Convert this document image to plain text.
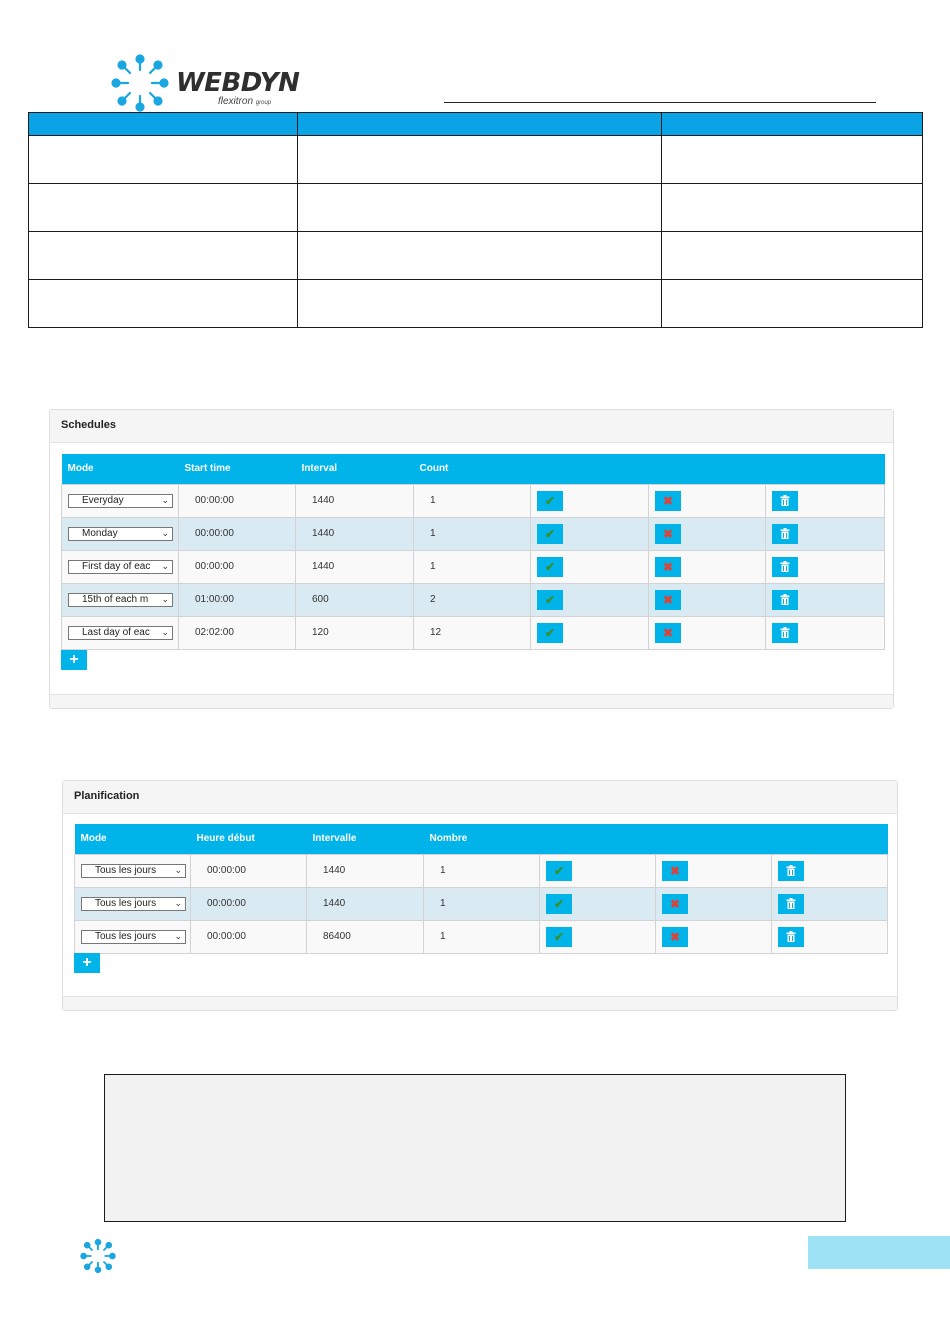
WEBDYN
flexitron group

Schedules
Mode	Start time	Interval	Count			

Everyday ⌄	00:00:00	1440	1	✔	✖

Monday ⌄	00:00:00	1440	1	✔	✖

First day of eac ⌄	00:00:00	1440	1	✔	✖

15th of each m ⌄	01:00:00	600	2	✔	✖

Last day of eac ⌄	02:02:00	120	12	✔	✖

+
Planification
Mode	Heure début	Intervalle	Nombre			

Tous les jours ⌄	00:00:00	1440	1	✔	✖

Tous les jours ⌄	00:00:00	1440	1	✔	✖

Tous les jours ⌄	00:00:00	86400	1	✔	✖

+
